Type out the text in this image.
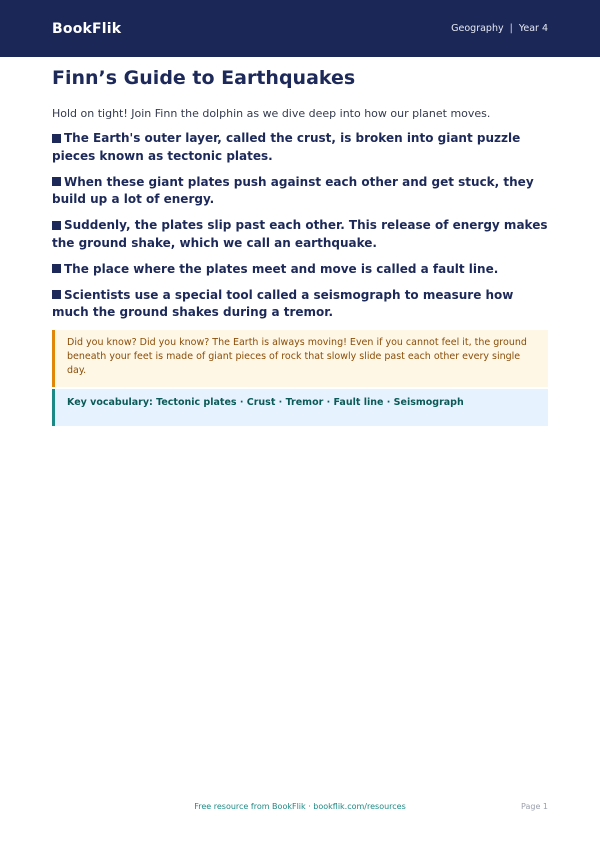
BookFlik	Geography | Year 4
Finn’s Guide to Earthquakes

Hold on tight! Join Finn the dolphin as we dive deep into how our planet moves.

The Earth's outer layer, called the crust, is broken into giant puzzle pieces known as tectonic plates.
When these giant plates push against each other and get stuck, they build up a lot of energy.
Suddenly, the plates slip past each other. This release of energy makes the ground shake, which we call an earthquake.
The place where the plates meet and move is called a fault line.
Scientists use a special tool called a seismograph to measure how much the ground shakes during a tremor.
Did you know? Did you know? The Earth is always moving! Even if you cannot feel it, the ground beneath your feet is made of giant pieces of rock that slowly slide past each other every single day.
Key vocabulary: Tectonic plates · Crust · Tremor · Fault line · Seismograph
Free resource from BookFlik · bookflik.com/resources	Page 1
